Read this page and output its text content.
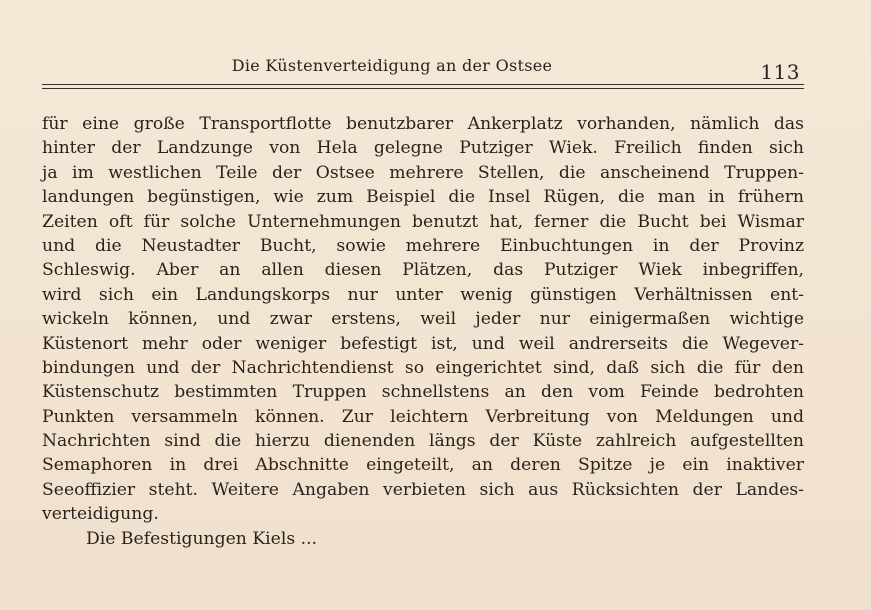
Die Küstenverteidigung an der Ostsee	113
für eine große Transportflotte benutzbarer Ankerplatz vorhanden, nämlich das
hinter der Landzunge von Hela gelegne Putziger Wiek. Freilich finden sich
ja im westlichen Teile der Ostsee mehrere Stellen, die anscheinend Truppen-
landungen begünstigen, wie zum Beispiel die Insel Rügen, die man in frühern
Zeiten oft für solche Unternehmungen benutzt hat, ferner die Bucht bei Wismar
und die Neustadter Bucht, sowie mehrere Einbuchtungen in der Provinz
Schleswig. Aber an allen diesen Plätzen, das Putziger Wiek inbegriffen,
wird sich ein Landungskorps nur unter wenig günstigen Verhältnissen ent-
wickeln können, und zwar erstens, weil jeder nur einigermaßen wichtige
Küstenort mehr oder weniger befestigt ist, und weil andrerseits die Wegever-
bindungen und der Nachrichtendienst so eingerichtet sind, daß sich die für den
Küstenschutz bestimmten Truppen schnellstens an den vom Feinde bedrohten
Punkten versammeln können. Zur leichtern Verbreitung von Meldungen und
Nachrichten sind die hierzu dienenden längs der Küste zahlreich aufgestellten
Semaphoren in drei Abschnitte eingeteilt, an deren Spitze je ein inaktiver
Seeoffizier steht. Weitere Angaben verbieten sich aus Rücksichten der Landes-
verteidigung.
Die Befestigungen Kiels ...
